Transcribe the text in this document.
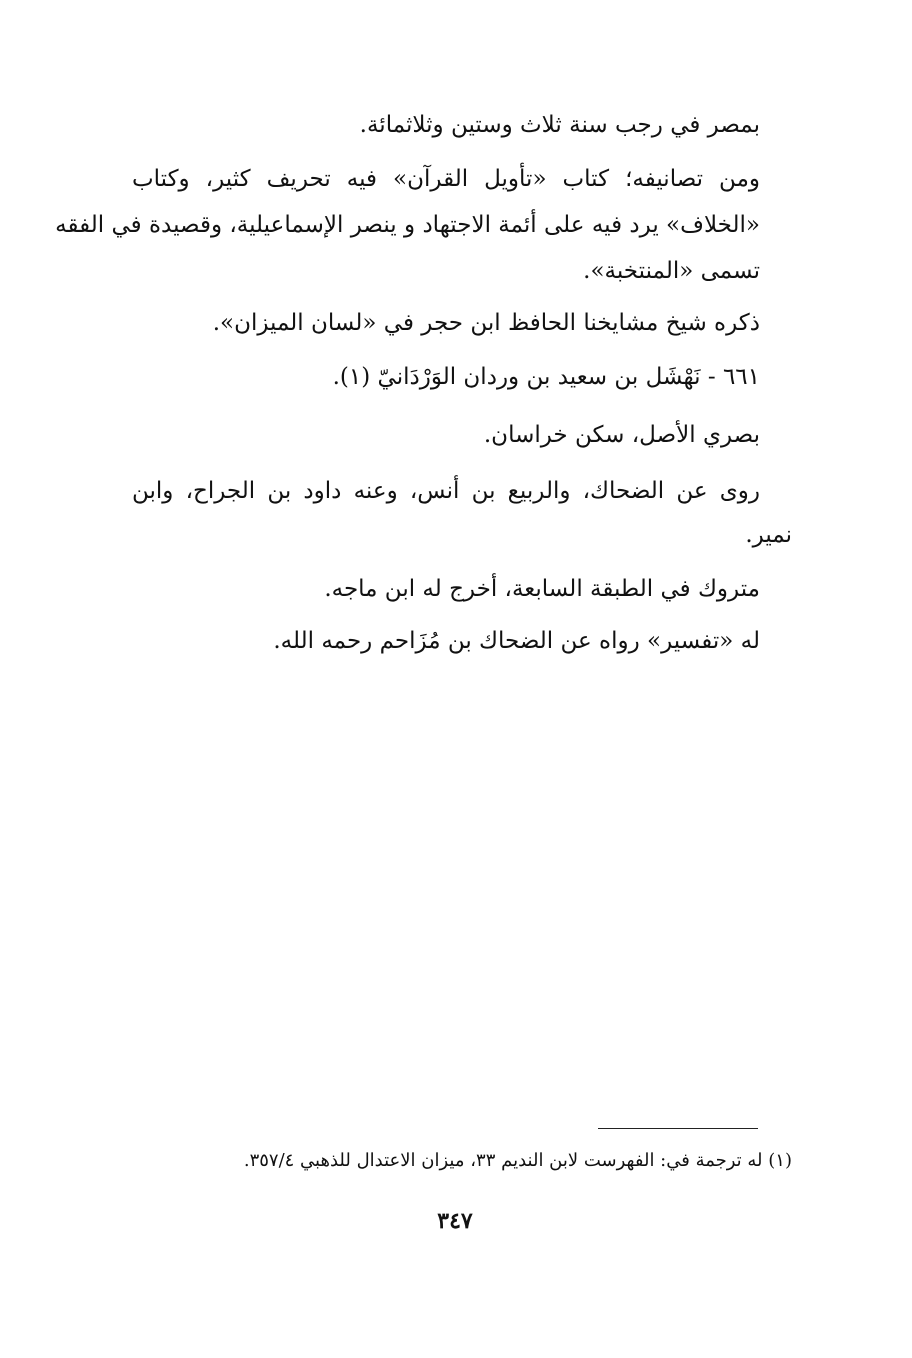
بمصر في رجب سنة ثلاث وستين وثلاثمائة.
ومن تصانيفه؛ كتاب «تأويل القرآن» فيه تحريف كثير، وكتاب
«الخلاف» يرد فيه على أئمة الاجتهاد و ينصر الإسماعيلية، وقصيدة في الفقه
تسمى «المنتخبة».
ذكره شيخ مشايخنا الحافظ ابن حجر في «لسان الميزان».
٦٦١ - نَهْشَل بن سعيد بن وردان الوَرْدَانيّ (١).
بصري الأصل، سكن خراسان.
روى عن الضحاك، والربيع بن أنس، وعنه داود بن الجراح، وابن
نمير.
متروك في الطبقة السابعة، أخرج له ابن ماجه.
له «تفسير» رواه عن الضحاك بن مُزَاحم رحمه الله.
(١) له ترجمة في: الفهرست لابن النديم ٣٣، ميزان الاعتدال للذهبي ٣٥٧/٤.
٣٤٧
